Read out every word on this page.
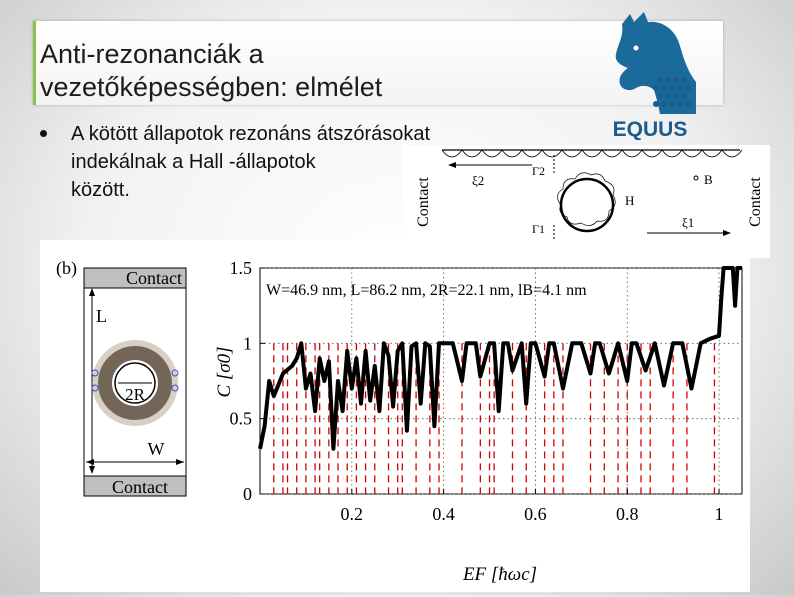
Anti-rezonanciák a
vezetőképességben: elmélet
A kötött állapotok rezonáns átszórásokat
indekálnak a Hall -állapotok
között.
EQUUS
Contact	Contact
ξ2
ξ1
H
Γ2
Γ1
B
(b)	Contact
Contact
L
2R
W
0.2	0.4	0.6	0.8	1
0
0.5
1
1.5
W=46.9 nm, L=86.2 nm, 2R=22.1 nm, lB=4.1 nm
EF [ħωc]
C [σ0]
